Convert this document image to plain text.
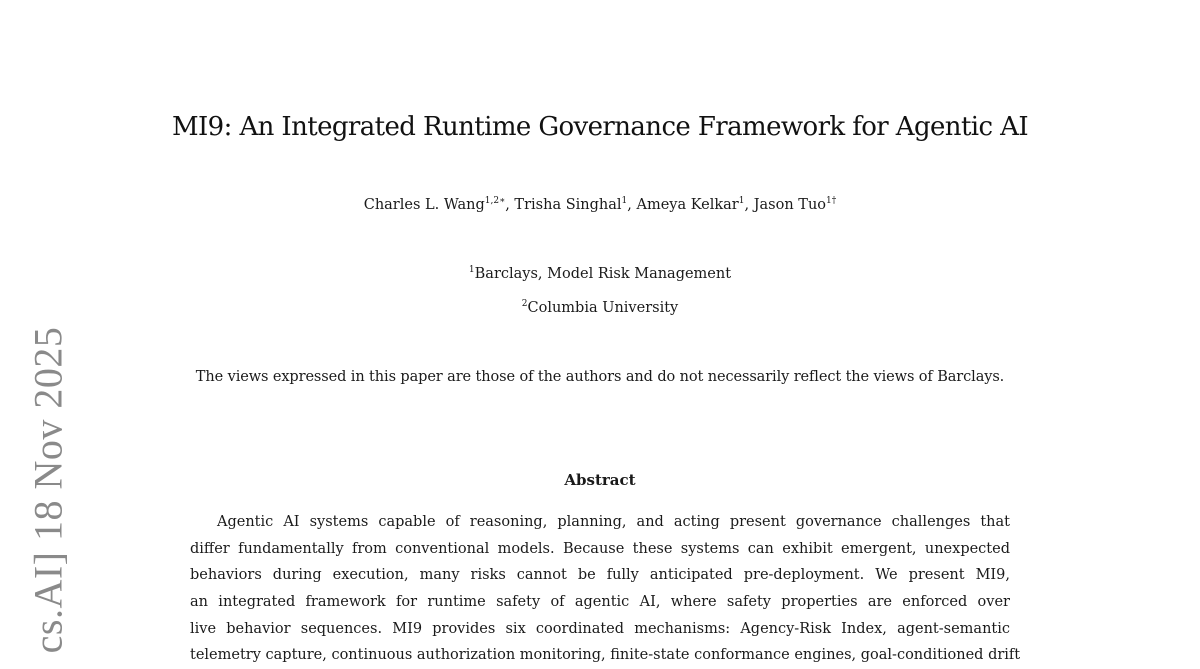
cs.AI] 18 Nov 2025
MI9: An Integrated Runtime Governance Framework for Agentic AI
Charles L. Wang$^{1,2∗}$, Trisha Singhal$^1$, Ameya Kelkar$^1$, Jason Tuo$^{1\dagger}$
$^1$Barclays, Model Risk Management
$^2$Columbia University
The views expressed in this paper are those of the authors and do not necessarily reflect the views of Barclays.
Abstract
Agentic AI systems capable of reasoning, planning, and acting present governance challenges that
differ fundamentally from conventional models. Because these systems can exhibit emergent, unexpected
behaviors during execution, many risks cannot be fully anticipated pre-deployment. We present MI9,
an integrated framework for runtime safety of agentic AI, where safety properties are enforced over
live behavior sequences. MI9 provides six coordinated mechanisms: Agency-Risk Index, agent-semantic
telemetry capture, continuous authorization monitoring, finite-state conformance engines, goal-conditioned drift
